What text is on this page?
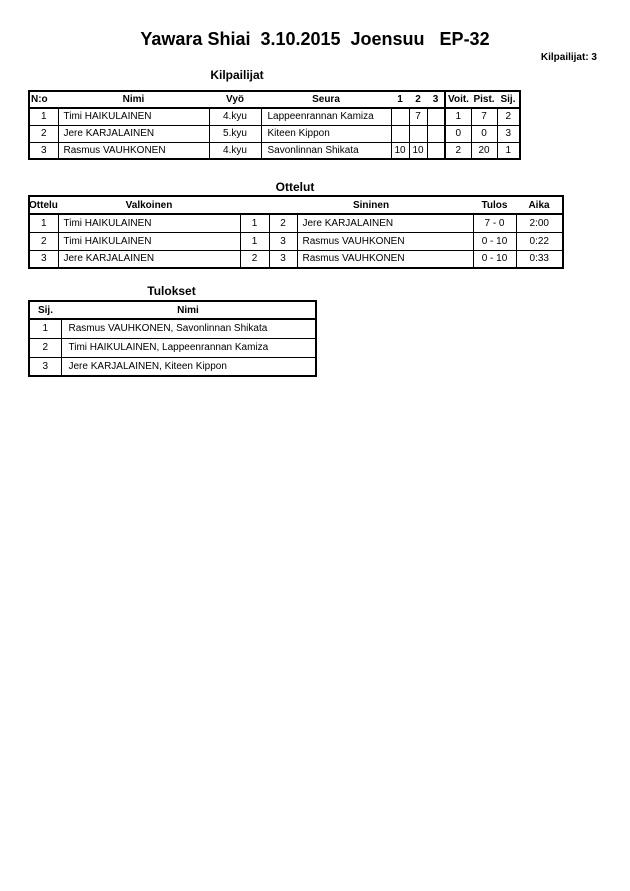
Yawara Shiai  3.10.2015  Joensuu   EP-32
Kilpailijat: 3
Kilpailijat
N:o	Nimi	Vyö	Seura	1	2	3	Voit.	Pist.	Sij.
1	Timi HAIKULAINEN	4.kyu	Lappeenrannan Kamiza		7		1	7	2
2	Jere KARJALAINEN	5.kyu	Kiteen Kippon				0	0	3
3	Rasmus VAUHKONEN	4.kyu	Savonlinnan Shikata	10	10		2	20	1
Ottelut
Ottelu	Valkoinen		Sininen		Tulos	Aika
1	Timi HAIKULAINEN	1	2	Jere KARJALAINEN	7 - 0	2:00
2	Timi HAIKULAINEN	1	3	Rasmus VAUHKONEN	0 - 10	0:22
3	Jere KARJALAINEN	2	3	Rasmus VAUHKONEN	0 - 10	0:33
Tulokset
Sij.	Nimi
1	Rasmus VAUHKONEN, Savonlinnan Shikata
2	Timi HAIKULAINEN, Lappeenrannan Kamiza
3	Jere KARJALAINEN, Kiteen Kippon
